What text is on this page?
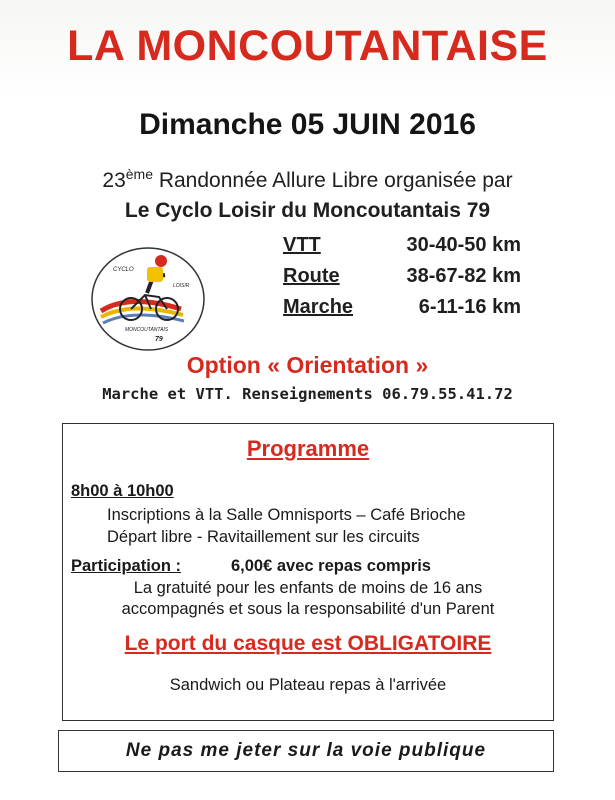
LA MONCOUTANTAISE
Dimanche 05 JUIN 2016
23ème Randonnée Allure Libre organisée par
Le Cyclo Loisir du Moncoutantais 79
CYCLO
LOISIR
MONCOUTANTAIS
79
VTT	30-40-50 km
Route	38-67-82 km
Marche	6-11-16 km
Option « Orientation »
Marche et VTT. Renseignements 06.79.55.41.72
Programme
8h00 à 10h00
Inscriptions à la Salle Omnisports – Café Brioche
Départ libre - Ravitaillement sur les circuits
Participation :	6,00€ avec repas compris
La gratuité pour les enfants de moins de 16 ans
accompagnés et sous la responsabilité d'un Parent
Le port du casque est OBLIGATOIRE
Sandwich ou Plateau repas à l'arrivée
Ne pas me jeter sur la voie publique
